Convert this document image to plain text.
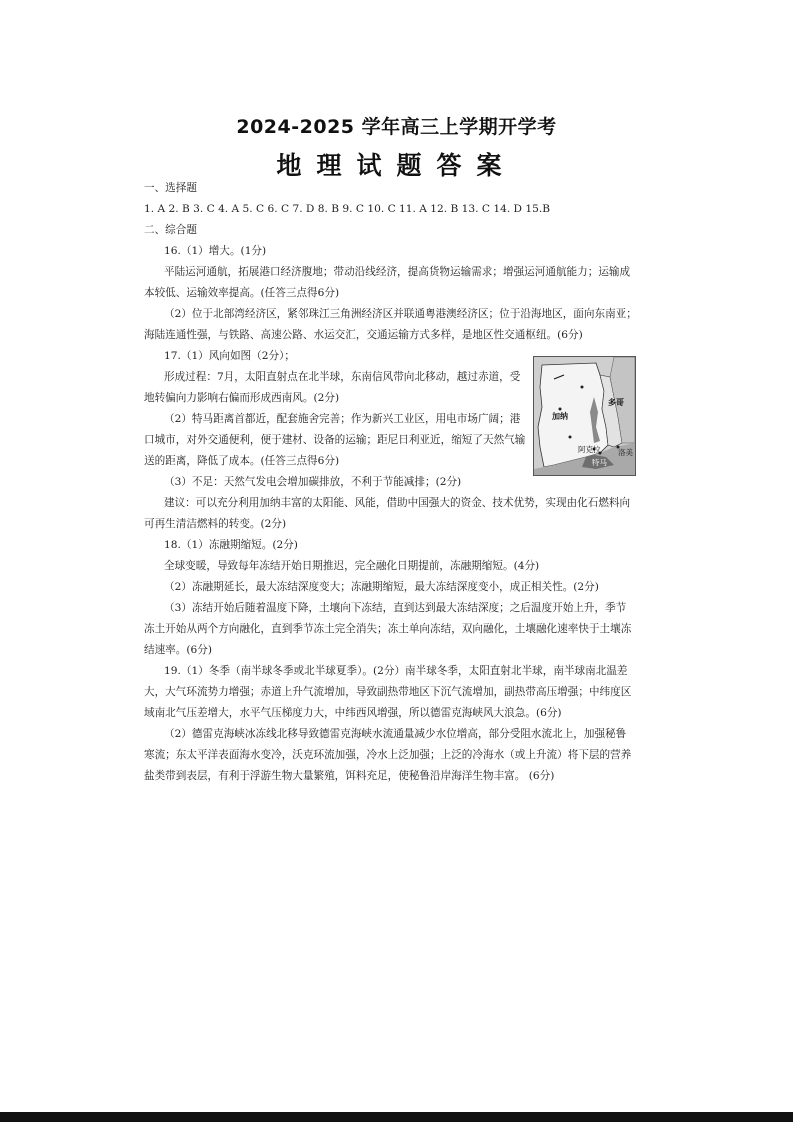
2024-2025 学年高三上学期开学考
地理试题答案
一、选择题
1. A 2. B 3. C 4. A 5. C 6. C 7. D 8. B 9. C 10. C 11. A 12. B 13. C 14. D 15.B
二、综合题
16.（1）增大。(1分)
平陆运河通航，拓展港口经济腹地；带动沿线经济，提高货物运输需求；增强运河通航能力；运输成
本较低、运输效率提高。(任答三点得6分)
（2）位于北部湾经济区，紧邻珠江三角洲经济区并联通粤港澳经济区；位于沿海地区，面向东南亚；
海陆连通性强，与铁路、高速公路、水运交汇，交通运输方式多样，是地区性交通枢纽。(6分)
17.（1）风向如图（2分）；
形成过程：7月，太阳直射点在北半球，东南信风带向北移动，越过赤道，受
地转偏向力影响右偏而形成西南风。(2分)
（2）特马距离首都近，配套施舍完善；作为新兴工业区，用电市场广阔；港
口城市，对外交通便利，便于建材、设备的运输；距尼日利亚近，缩短了天然气输
送的距离，降低了成本。(任答三点得6分)
（3）不足：天然气发电会增加碳排放，不利于节能减排；(2分)
建议：可以充分利用加纳丰富的太阳能、风能，借助中国强大的资金、技术优势，实现由化石燃料向
可再生清洁燃料的转变。(2分)
18.（1）冻融期缩短。(2分)
全球变暖，导致每年冻结开始日期推迟，完全融化日期提前，冻融期缩短。(4分)
（2）冻融期延长，最大冻结深度变大；冻融期缩短，最大冻结深度变小，成正相关性。(2分)
（3）冻结开始后随着温度下降，土壤向下冻结，直到达到最大冻结深度；之后温度开始上升，季节
冻土开始从两个方向融化，直到季节冻土完全消失；冻土单向冻结，双向融化，土壤融化速率快于土壤冻
结速率。(6分)
19.（1）冬季（南半球冬季或北半球夏季）。(2分）南半球冬季，太阳直射北半球，南半球南北温差
大，大气环流势力增强；赤道上升气流增加，导致副热带地区下沉气流增加，副热带高压增强；中纬度区
域南北气压差增大，水平气压梯度力大，中纬西风增强，所以德雷克海峡风大浪急。(6分)
（2）德雷克海峡冰冻线北移导致德雷克海峡水流通量减少水位增高，部分受阻水流北上，加强秘鲁
寒流；东太平洋表面海水变冷，沃克环流加强，冷水上泛加强；上泛的冷海水（或上升流）将下层的营养
盐类带到表层，有利于浮游生物大量繁殖，饵料充足，使秘鲁沿岸海洋生物丰富。 (6分)
加纳
多哥
阿克拉
特马
洛美
